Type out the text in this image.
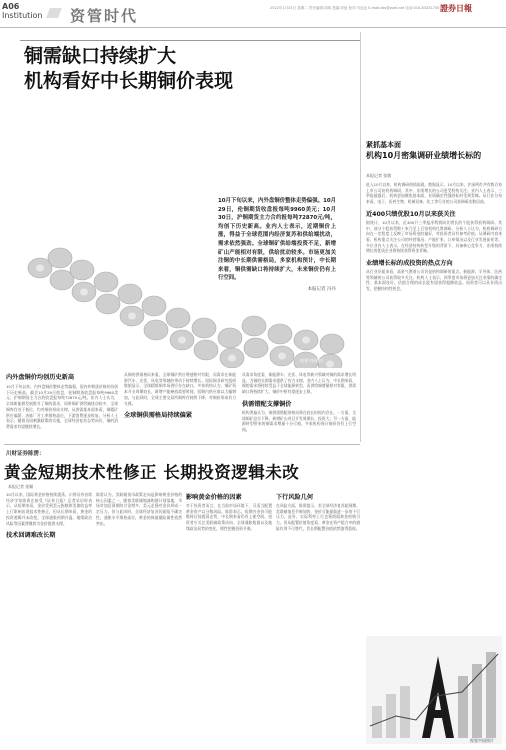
A06
Institution 资管时代	2022年1月25日 星期二 责任编辑:刘鸿 美编:刘冠 校对:马连达 E-mail:zbs@zqrb.net 电话:010-83251730 證券日報
视觉中国图片
铜需缺口持续扩大
机构看好中长期铜价表现
10月下旬以来，内外盘铜价整体走势偏强。10月29日，伦铜期货收盘报每吨9960美元；10月30日，沪铜期货主力合约报每吨72870元/吨，均创下历史新高。业内人士表示，近期铜价上涨，得益于全球范围内经济复苏和供给端扰动，需求依然强劲。全球铜矿供给端投资不足，新增矿山产能相对有限，供给扰动较多。市场更加关注铜的中长期供需格局，多家机构预计，中长期来看，铜供需缺口将持续扩大，未来铜价仍有上行空间。
本报记者 冯丹
内外盘铜价均创历史新高
10月下旬以来，内外盘铜价整体走势偏强，国内外期货价格纷纷创下历史新高。截至10月29日收盘，伦铜期货收盘报每吨9960美元；沪铜期货主力合约收盘报每吨72870元/吨。业内人士认为，全球新能源发展推升了铜的需求，同时铜矿供给端扰动较多，全球铜库存处于低位，均对铜价形成支撑。从供需基本面来看，铜精矿供应偏紧，冶炼厂开工率维持高位，下游消费逐步恢复。分析人士表示，随着各国刺激政策的实施，全球经济复苏态势向好，铜的消费需求有望继续增长。
从铜的供需格局来看，全球铜矿供应增速相对有限，而需求在新能源汽车、光伏、风电等领域的带动下持续增长。国际铜业研究组织数据显示，全球精炼铜市场供应存在缺口。多家机构认为，铜矿资本开支周期较长，新增产能释放需要时间，短期内供应难以大幅增加。与此同时，全球主要交易所铜库存持续下降，对铜价形成有力支撑。
全球铜供需格局持续偏紧
从需求角度看，新能源车、光伏、风电等新兴领域对铜的需求增长明显，为铜的长期需求提供了有力支撑。业内人士认为，中长期来看，铜的需求将持续受益于全球能源转型，而供给端增量相对有限，供需缺口将持续扩大，铜价中枢有望逐步上移。
供需错配支撑铜价
机构普遍认为，铜供需错配的格局将在较长时间内存在。一方面，全球铜矿品位下降，新增矿山项目开发周期长、投资大；另一方面，能源转型带来的铜需求增量十分可观。多家机构预计铜价仍有上行空间。
紧抓基本面
机构10月密集调研业绩增长标的
本报记者 张敏
进入10月以来，机构调研热情高涨。数据显示，10月以来，沪深两市共有数百家上市公司获机构调研，其中，业绩增长的公司更受机构关注。业内人士表示，三季报披露后，机构更加聚焦基本面，业绩确定性强的标的受到青睐。从行业分布来看，电子、医药生物、机械设备、化工等行业的公司获调研次数居前。
近400只绩优股10月以来获关注
据统计，10月以来，近400只三季报净利润同比增长的个股获得机构调研。其中，部分个股获得数十家乃至上百家机构扎堆调研。分析人士认为，机构调研方向在一定程度上反映了市场资金的偏好，对投资者具有参考价值。从调研内容来看，机构重点关注公司的经营情况、产能扩张、订单情况以及行业发展前景等。多位业内人士表示，在经济结构转型升级的背景下，具备核心竞争力、业绩持续增长的优质企业将持续获得资金青睐。
业绩增长标的成投资的热点方向
从行业层面来看，高景气赛道公司仍是机构调研的重点。新能源、半导体、医药等领域的公司获得较多关注。机构人士表示，四季度市场将更加关注业绩的确定性，基本面良好、估值合理的成长股有望获得超额收益。投资者可以从业绩出发，把握结构性机会。
川财证券陈雳：
黄金短期技术性修正 长期投资逻辑未改
本报记者 张颖
10月以来，国际黄金价格持续震荡。川财证券首席经济学家陈雳在接受《证券日报》记者采访时表示，从短期来看，金价受到美元指数和美债收益率上行影响出现技术性修正，但从长期来看，黄金的投资逻辑并未改变。全球通胀预期升温、地缘政治风险等因素将继续为金价提供支撑。
技术回调难改长期
陈雳认为，美联储货币政策走向是影响黄金价格的核心因素之一。随着美联储缩减购债计划落地，市场对加息预期的讨论增多，美元走强对金价形成一定压力。但与此同时，全球经济复苏仍面临不确定性，通胀水平维持高位，黄金的保值避险属性依然突出。
影响黄金价格的因素
对于投资者而言，在当前市场环境下，可适当配置黄金资产以分散风险。陈雳表示，短期内金价可能维持区间震荡走势，中长期来看仍有上涨空间。投资者应关注美联储政策动向、全球通胀数据以及地缘政治局势的变化，理性把握投资节奏。
下行风险几何
在风险方面，陈雳提示，若全球经济复苏超预期、美联储加息节奏加快，金价可能面临进一步的下行压力。此外，实际利率上行也将削弱黄金的吸引力。但从配置价值角度看，黄金在资产组合中的避险作用不可替代，其长期配置价值依然值得重视。
视觉中国图片
